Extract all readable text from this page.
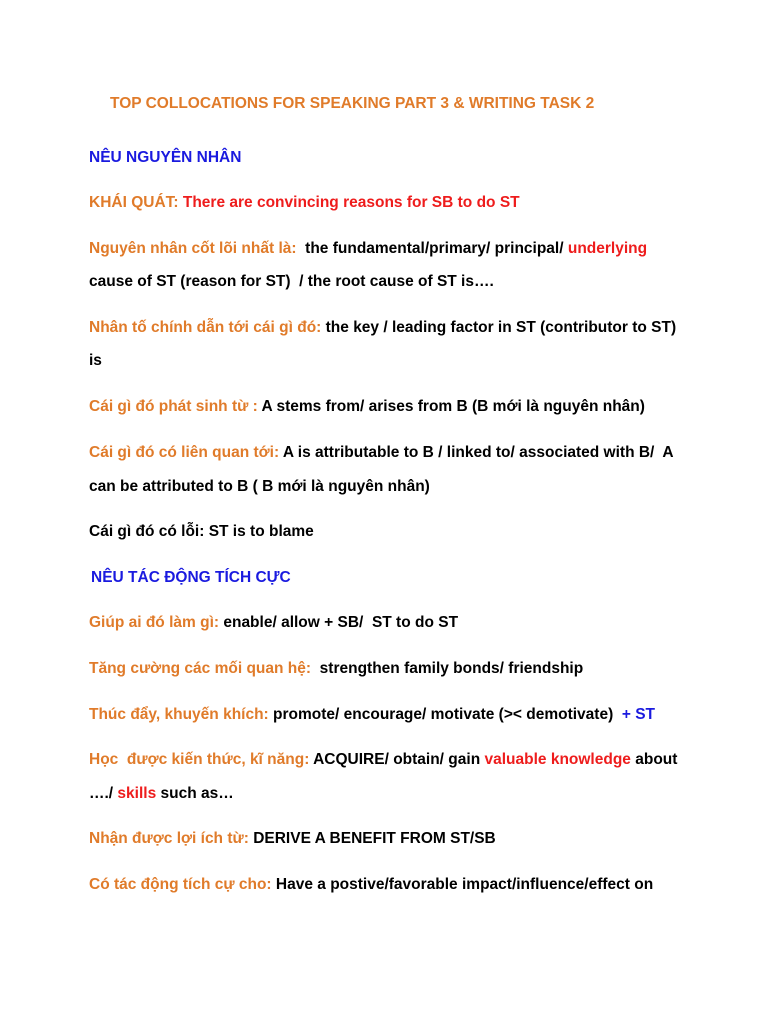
TOP COLLOCATIONS FOR SPEAKING PART 3 & WRITING TASK 2
NÊU NGUYÊN NHÂN
KHÁI QUÁT: There are convincing reasons for SB to do ST
Nguyên nhân cốt lõi nhất là:  the fundamental/primary/ principal/ underlying
cause of ST (reason for ST)  / the root cause of ST is….
Nhân tố chính dẫn tới cái gì đó: the key / leading factor in ST (contributor to ST)
is
Cái gì đó phát sinh từ : A stems from/ arises from B (B mới là nguyên nhân)
Cái gì đó có liên quan tới: A is attributable to B / linked to/ associated with B/  A
can be attributed to B ( B mới là nguyên nhân)
Cái gì đó có lỗi: ST is to blame
NÊU TÁC ĐỘNG TÍCH CỰC
Giúp ai đó làm gì: enable/ allow + SB/  ST to do ST
Tăng cường các mối quan hệ:  strengthen family bonds/ friendship
Thúc đẩy, khuyến khích: promote/ encourage/ motivate (>< demotivate)  + ST
Học  được kiến thức, kĩ năng: ACQUIRE/ obtain/ gain valuable knowledge about
…./ skills such as…
Nhận được lợi ích từ: DERIVE A BENEFIT FROM ST/SB
Có tác động tích cự cho: Have a postive/favorable impact/influence/effect on
